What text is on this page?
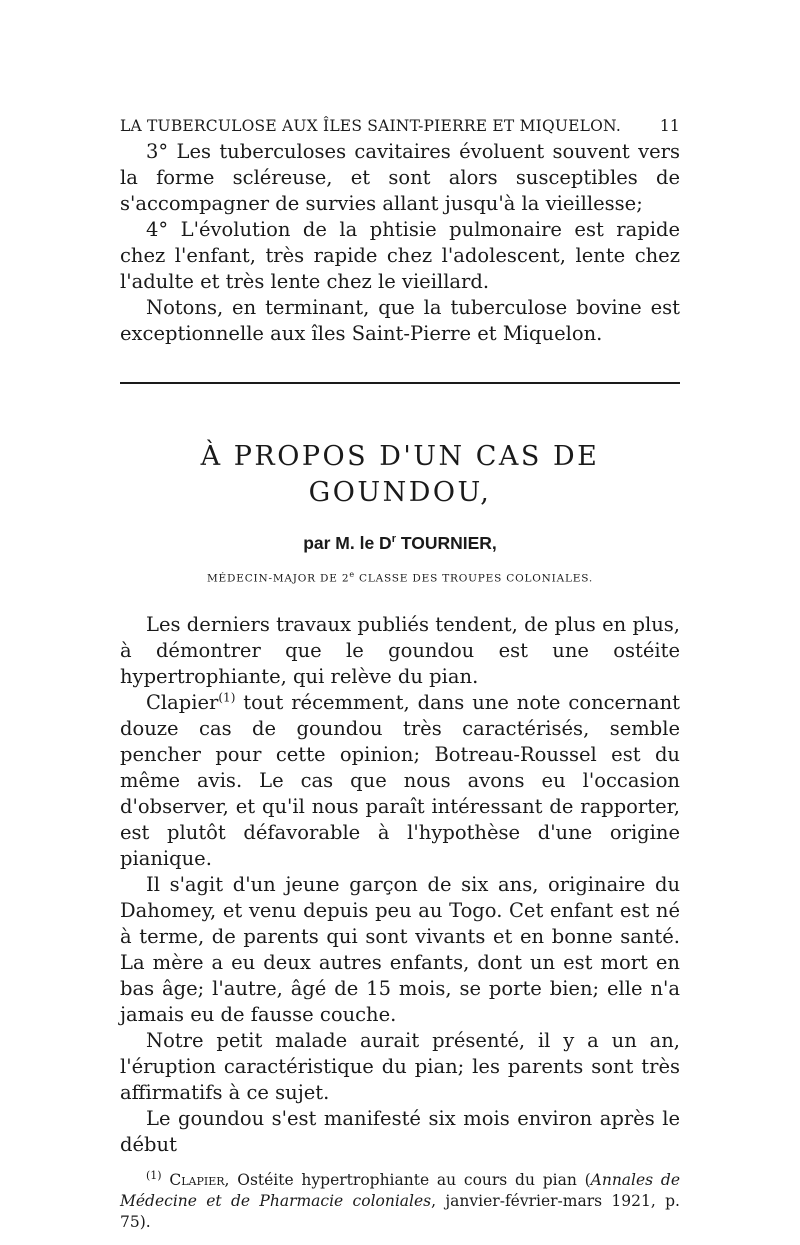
LA TUBERCULOSE AUX ÎLES SAINT-PIERRE ET MIQUELON.	11

3° Les tuberculoses cavitaires évoluent souvent vers la forme scléreuse, et sont alors susceptibles de s'accompagner de survies allant jusqu'à la vieillesse;

4° L'évolution de la phtisie pulmonaire est rapide chez l'enfant, très rapide chez l'adolescent, lente chez l'adulte et très lente chez le vieillard.

Notons, en terminant, que la tuberculose bovine est exceptionnelle aux îles Saint-Pierre et Miquelon.

À PROPOS D'UN CAS DE GOUNDOU,
par M. le $D^r$ TOURNIER,
MÉDECIN-MAJOR DE 2e CLASSE DES TROUPES COLONIALES.

Les derniers travaux publiés tendent, de plus en plus, à démontrer que le goundou est une ostéite hypertrophiante, qui relève du pian.

Clapier$^{(1)}$ tout récemment, dans une note concernant douze cas de goundou très caractérisés, semble pencher pour cette opinion; Botreau-Roussel est du même avis. Le cas que nous avons eu l'occasion d'observer, et qu'il nous paraît intéressant de rapporter, est plutôt défavorable à l'hypothèse d'une origine pianique.

Il s'agit d'un jeune garçon de six ans, originaire du Dahomey, et venu depuis peu au Togo. Cet enfant est né à terme, de parents qui sont vivants et en bonne santé. La mère a eu deux autres enfants, dont un est mort en bas âge; l'autre, âgé de 15 mois, se porte bien; elle n'a jamais eu de fausse couche.

Notre petit malade aurait présenté, il y a un an, l'éruption caractéristique du pian; les parents sont très affirmatifs à ce sujet.

Le goundou s'est manifesté six mois environ après le début

$^{(1)}$ Clapier, Ostéite hypertrophiante au cours du pian (Annales de Médecine et de Pharmacie coloniales, janvier-février-mars 1921, p. 75).
